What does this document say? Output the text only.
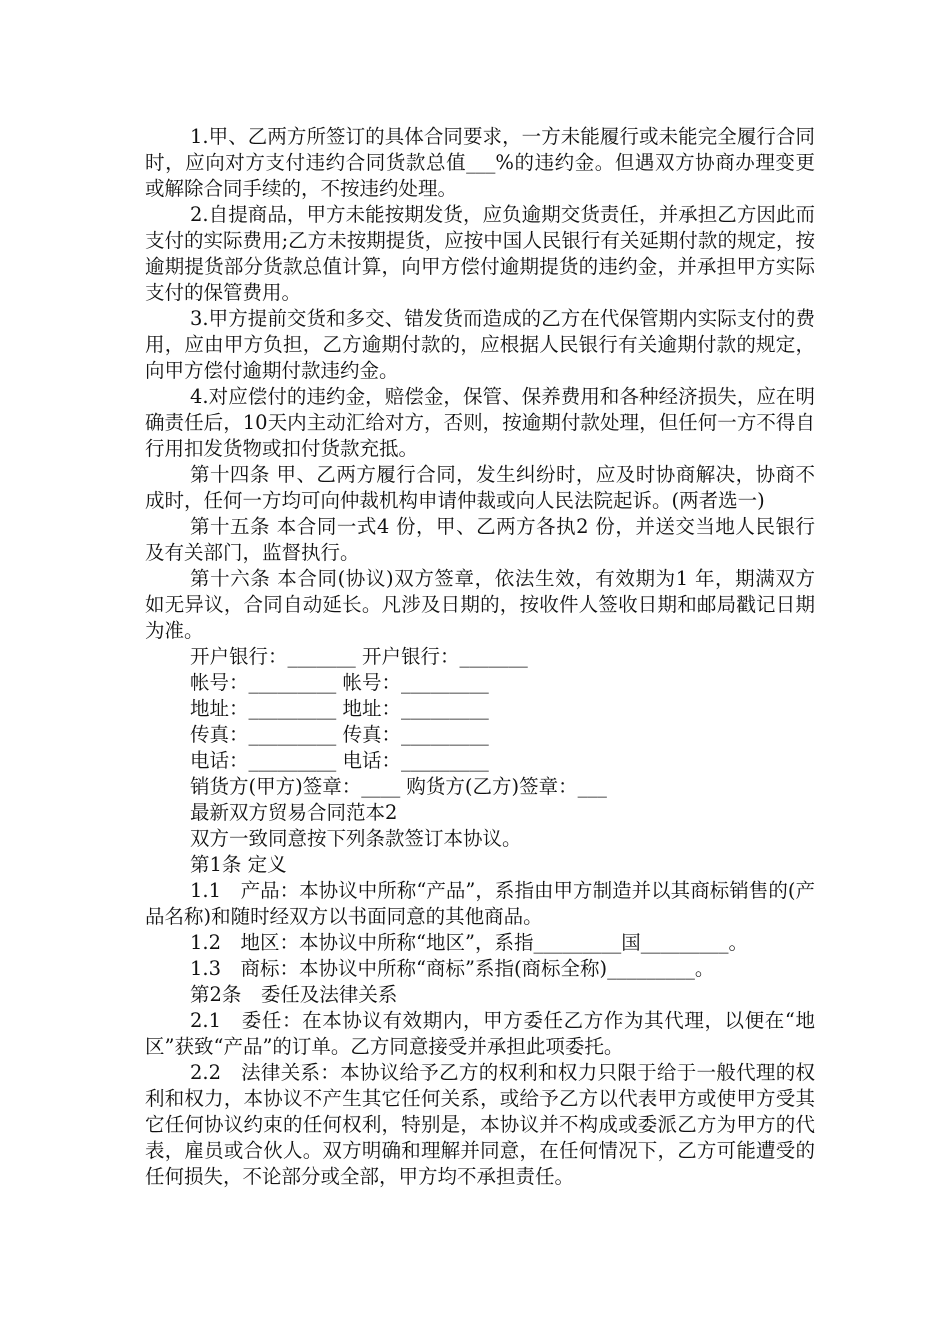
1.甲、乙两方所签订的具体合同要求，一方未能履行或未能完全履行合同时，应向对方支付违约合同货款总值___%的违约金。但遇双方协商办理变更或解除合同手续的，不按违约处理。

2.自提商品，甲方未能按期发货，应负逾期交货责任，并承担乙方因此而支付的实际费用;乙方未按期提货，应按中国人民银行有关延期付款的规定，按逾期提货部分货款总值计算，向甲方偿付逾期提货的违约金，并承担甲方实际支付的保管费用。

3.甲方提前交货和多交、错发货而造成的乙方在代保管期内实际支付的费用，应由甲方负担，乙方逾期付款的，应根据人民银行有关逾期付款的规定，向甲方偿付逾期付款违约金。

4.对应偿付的违约金，赔偿金，保管、保养费用和各种经济损失，应在明确责任后，10天内主动汇给对方，否则，按逾期付款处理，但任何一方不得自行用扣发货物或扣付货款充抵。

第十四条 甲、乙两方履行合同，发生纠纷时，应及时协商解决，协商不成时，任何一方均可向仲裁机构申请仲裁或向人民法院起诉。(两者选一)

第十五条 本合同一式4 份，甲、乙两方各执2 份，并送交当地人民银行及有关部门，监督执行。

第十六条 本合同(协议)双方签章，依法生效，有效期为1 年，期满双方如无异议，合同自动延长。凡涉及日期的，按收件人签收日期和邮局戳记日期为准。

开户银行：_______ 开户银行：_______

帐号：_________ 帐号：_________

地址：_________ 地址：_________

传真：_________ 传真：_________

电话：_________ 电话：_________

销货方(甲方)签章：____ 购货方(乙方)签章：___

最新双方贸易合同范本2

双方一致同意按下列条款签订本协议。

第1条 定义

1.1　产品：本协议中所称“产品”，系指由甲方制造并以其商标销售的(产品名称)和随时经双方以书面同意的其他商品。

1.2　地区：本协议中所称“地区”，系指_________国_________。

1.3　商标：本协议中所称“商标”系指(商标全称)_________。

第2条　委任及法律关系

2.1　委任：在本协议有效期内，甲方委任乙方作为其代理，以便在“地区”获致“产品”的订单。乙方同意接受并承担此项委托。

2.2　法律关系：本协议给予乙方的权利和权力只限于给于一般代理的权利和权力，本协议不产生其它任何关系，或给予乙方以代表甲方或使甲方受其它任何协议约束的任何权利，特别是，本协议并不构成或委派乙方为甲方的代表，雇员或合伙人。双方明确和理解并同意，在任何情况下，乙方可能遭受的任何损失，不论部分或全部，甲方均不承担责任。
